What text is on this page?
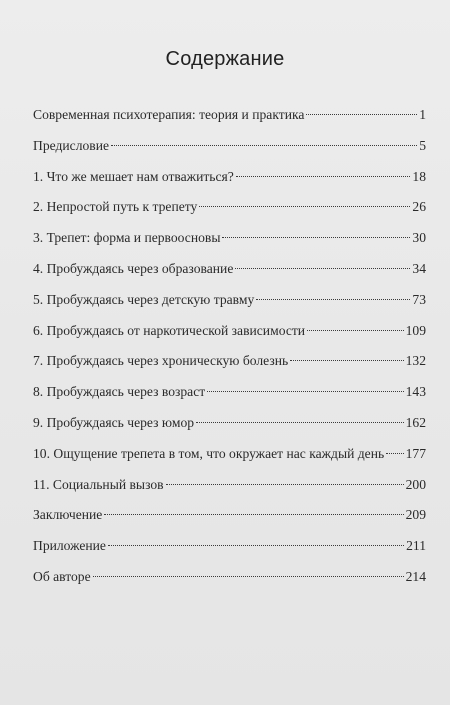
Содержание
Современная психотерапия: теория и практика	1
Предисловие	5
1. Что же мешает нам отважиться?	18
2. Непростой путь к трепету	26
3. Трепет: форма и первоосновы	30
4. Пробуждаясь через образование	34
5. Пробуждаясь через детскую травму	73
6. Пробуждаясь от наркотической зависимости	109
7. Пробуждаясь через хроническую болезнь	132
8. Пробуждаясь через возраст	143
9. Пробуждаясь через юмор	162
10. Ощущение трепета в том, что окружает нас каждый день 177
11. Социальный вызов	200
Заключение	209
Приложение	211
Об авторе	214
